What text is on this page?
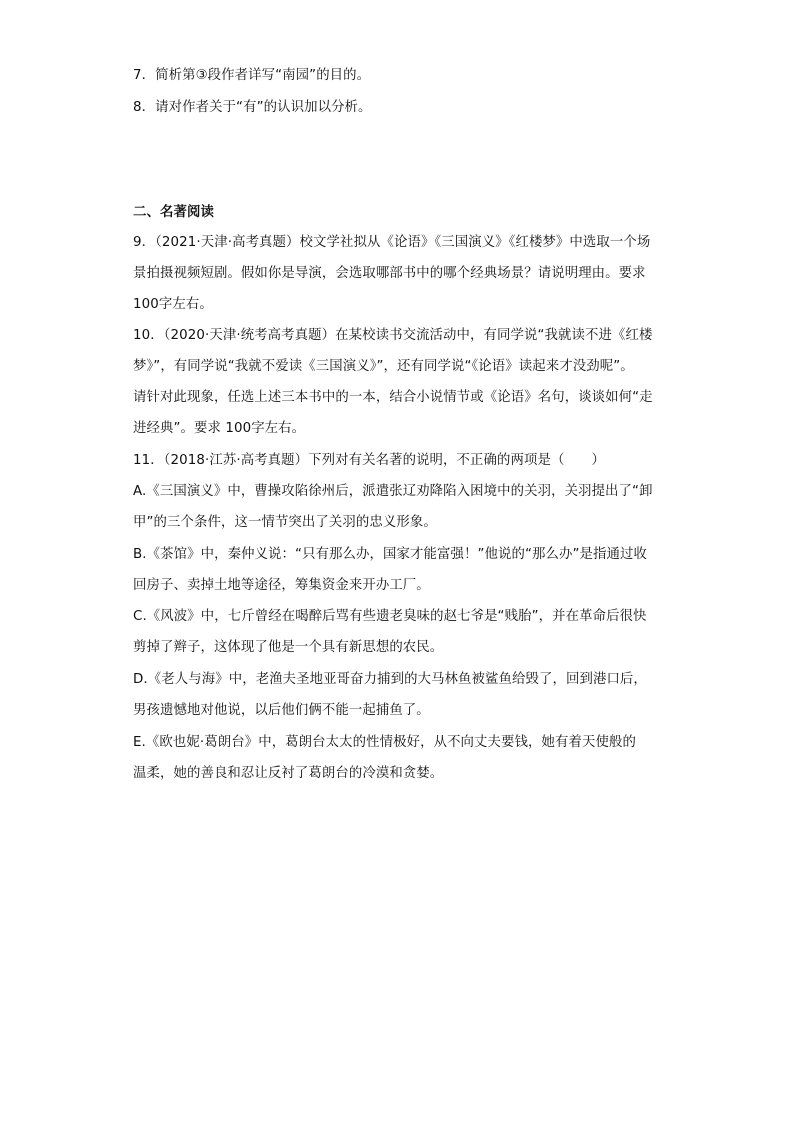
7．简析第③段作者详写“南园”的目的。
8．请对作者关于“有”的认识加以分析。
二、名著阅读
9．（2021·天津·高考真题）校文学社拟从《论语》《三国演义》《红楼梦》中选取一个场
景拍摄视频短剧。假如你是导演，会选取哪部书中的哪个经典场景？请说明理由。要求
100字左右。
10．（2020·天津·统考高考真题）在某校读书交流活动中，有同学说“我就读不进《红楼
梦》”，有同学说“我就不爱读《三国演义》”，还有同学说“《论语》读起来才没劲呢”。
请针对此现象，任选上述三本书中的一本，结合小说情节或《论语》名句，谈谈如何“走
进经典”。要求 100字左右。
11．（2018·江苏·高考真题）下列对有关名著的说明，不正确的两项是（　　）
A.《三国演义》中，曹操攻陷徐州后，派遣张辽劝降陷入困境中的关羽，关羽提出了“卸
甲”的三个条件，这一情节突出了关羽的忠义形象。
B.《茶馆》中，秦仲义说：“只有那么办，国家才能富强！”他说的“那么办”是指通过收
回房子、卖掉土地等途径，筹集资金来开办工厂。
C.《风波》中，七斤曾经在喝醉后骂有些遗老臭味的赵七爷是“贱胎”，并在革命后很快
剪掉了辫子，这体现了他是一个具有新思想的农民。
D.《老人与海》中，老渔夫圣地亚哥奋力捕到的大马林鱼被鲨鱼给毁了，回到港口后，
男孩遗憾地对他说，以后他们俩不能一起捕鱼了。
E.《欧也妮·葛朗台》中，葛朗台太太的性情极好，从不向丈夫要钱，她有着天使般的
温柔，她的善良和忍让反衬了葛朗台的冷漠和贪婪。
